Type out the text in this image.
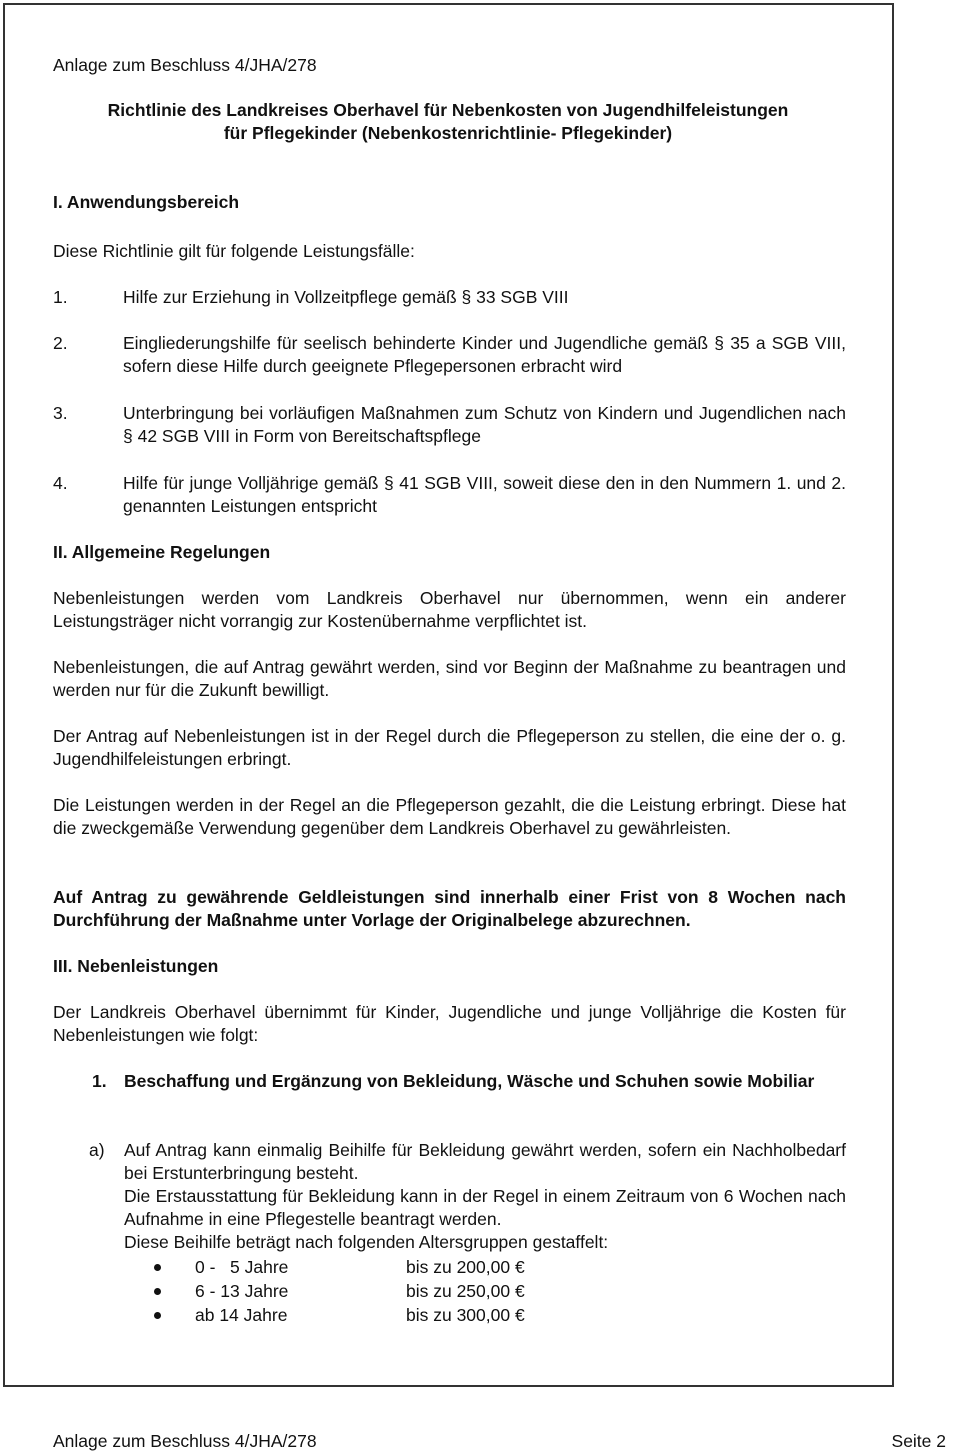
Anlage zum Beschluss 4/JHA/278

Richtlinie des Landkreises Oberhavel für Nebenkosten von Jugendhilfeleistungen

für Pflegekinder (Nebenkostenrichtlinie- Pflegekinder)

I. Anwendungsbereich

Diese Richtlinie gilt für folgende Leistungsfälle:

1.	Hilfe zur Erziehung in Vollzeitpflege gemäß § 33 SGB VIII
2.	Eingliederungshilfe für seelisch behinderte Kinder und Jugendliche gemäß § 35 a SGB VIII, sofern diese Hilfe durch geeignete Pflegepersonen erbracht wird
3.	Unterbringung bei vorläufigen Maßnahmen zum Schutz von Kindern und Jugendlichen nach § 42 SGB VIII in Form von Bereitschaftspflege
4.	Hilfe für junge Volljährige gemäß § 41 SGB VIII, soweit diese den in den Nummern 1. und 2. genannten Leistungen entspricht

II. Allgemeine Regelungen

Nebenleistungen werden vom Landkreis Oberhavel nur übernommen, wenn ein anderer Leistungsträger nicht vorrangig zur Kostenübernahme verpflichtet ist.

Nebenleistungen, die auf Antrag gewährt werden, sind vor Beginn der Maßnahme zu beantragen und werden nur für die Zukunft bewilligt.

Der Antrag auf Nebenleistungen ist in der Regel durch die Pflegeperson zu stellen, die eine der o. g. Jugendhilfeleistungen erbringt.

Die Leistungen werden in der Regel an die Pflegeperson gezahlt, die die Leistung erbringt. Diese hat die zweckgemäße Verwendung gegenüber dem Landkreis Oberhavel zu gewährleisten.

Auf Antrag zu gewährende Geldleistungen sind innerhalb einer Frist von 8 Wochen nach Durchführung der Maßnahme unter Vorlage der Originalbelege abzurechnen.

III. Nebenleistungen

Der Landkreis Oberhavel übernimmt für Kinder, Jugendliche und junge Volljährige die Kosten für Nebenleistungen wie folgt:

1. Beschaffung und Ergänzung von Bekleidung, Wäsche und Schuhen sowie Mobiliar
a) Auf Antrag kann einmalig Beihilfe für Bekleidung gewährt werden, sofern ein Nachholbedarf bei Erstunterbringung besteht.
Die Erstausstattung für Bekleidung kann in der Regel in einem Zeitraum von 6 Wochen nach Aufnahme in eine Pflegestelle beantragt werden.
Diese Beihilfe beträgt nach folgenden Altersgruppen gestaffelt:
0 -   5 Jahre	bis zu 200,00 €
6 - 13 Jahre	bis zu 250,00 €
ab 14 Jahre	bis zu 300,00 €
Anlage zum Beschluss 4/JHA/278	Seite 2
